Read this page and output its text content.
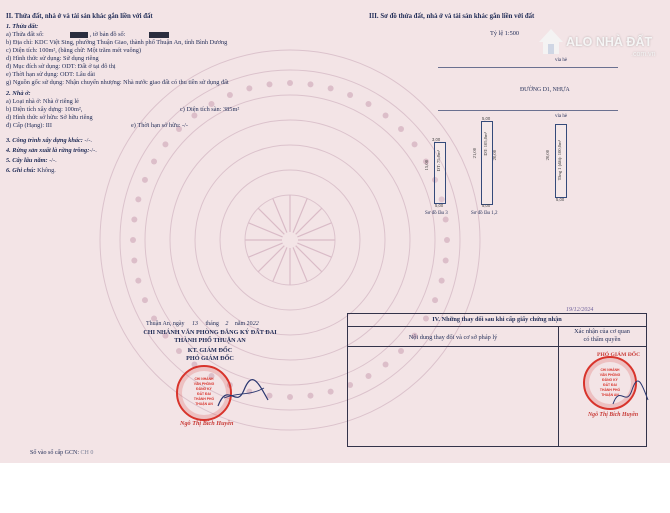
II. Thửa đất, nhà ở và tài sản khác gắn liền với đất
1. Thửa đất:
a) Thửa đất số:	, tờ bản đồ số:
b) Địa chỉ: KDC Việt Sing, phường Thuận Giao, thành phố Thuận An, tỉnh Bình Dương
c) Diện tích: 100m², (bằng chữ: Một trăm mét vuông)
d) Hình thức sử dụng: Sử dụng riêng
đ) Mục đích sử dụng: ODT: Đất ở tại đô thị
e) Thời hạn sử dụng: ODT: Lâu dài
g) Nguồn gốc sử dụng: Nhận chuyển nhượng: Nhà nước giao đất có thu tiền sử dụng đất
2. Nhà ở:
a) Loại nhà ở: Nhà ở riêng lẻ
b) Diện tích xây dựng: 100m²,	c) Diện tích sàn: 385m²
d) Hình thức sở hữu: Sở hữu riêng
đ) Cấp (Hạng): III	e) Thời hạn sở hữu: -/-
3. Công trình xây dựng khác: -/-.
4. Rừng sản xuất là rừng trồng:-/-.
5. Cây lâu năm: -/-.
6. Ghi chú: Không.
Thuận An, ngày 13 tháng 2 năm 2022
CHI NHÁNH VĂN PHÒNG ĐĂNG KÝ ĐẤT ĐAI
THÀNH PHỐ THUẬN AN
KT. GIÁM ĐỐC
PHÓ GIÁM ĐỐC
CHI NHÁNH
VĂN PHÒNG
ĐĂNG KÝ
ĐẤT ĐAI
THÀNH PHỐ
THUẬN AN
Ngô Thị Bích Huyền
Số vào sổ cấp GCN: CH 0
III. Sơ đồ thửa đất, nhà ở và tài sản khác gắn liền với đất
Tỷ lệ 1:500
vỉa hè
ĐƯỜNG D1, NHỰA
vỉa hè
3,00
DT: 75,0m²
15,00
5,00
Sơ đồ lầu 3
5,00
DT: 105,0m²
21,00	20,00
5,00
Sơ đồ lầu 1,2
Tầng 1 (đất): 100,0m²
20,00
5,00
IV. Những thay đổi sau khi cấp giấy chứng nhận
Nội dung thay đổi và cơ sở pháp lý
Xác nhận của cơ quan
có thẩm quyền
19/12/2024
PHÓ GIÁM ĐỐC
CHI NHÁNH
VĂN PHÒNG
ĐĂNG KÝ
ĐẤT ĐAI
THÀNH PHỐ
THUẬN AN
Ngô Thị Bích Huyền
ALO NHÀ ĐẤT
.com.vn
